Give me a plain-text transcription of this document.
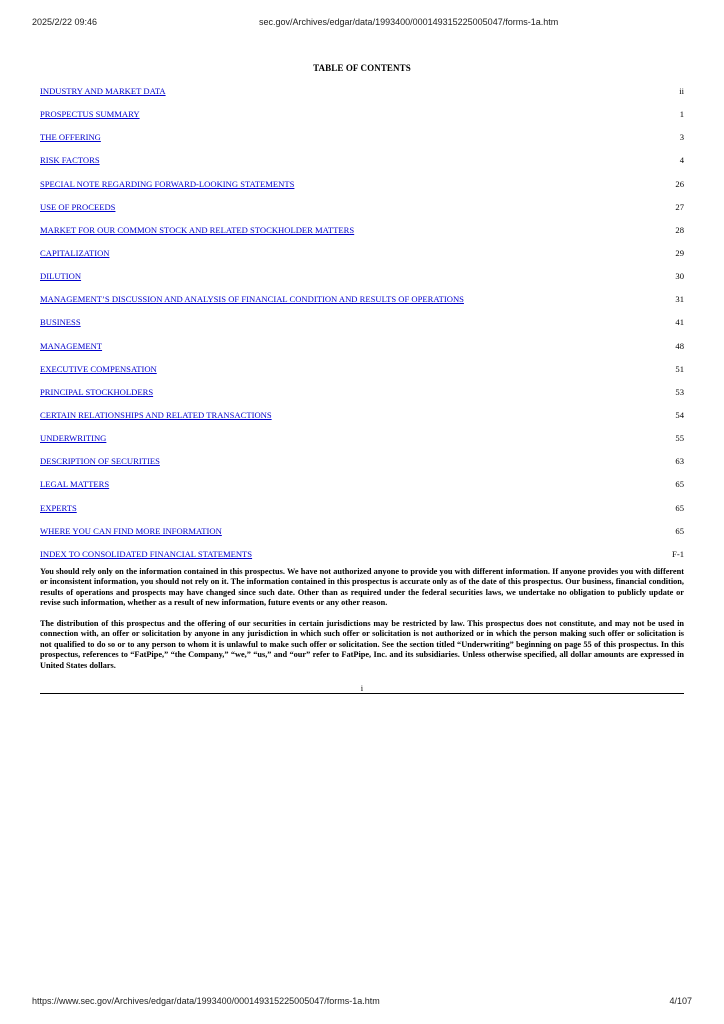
2025/2/22 09:46	sec.gov/Archives/edgar/data/1993400/000149315225005047/forms-1a.htm
TABLE OF CONTENTS
INDUSTRY AND MARKET DATA	ii
PROSPECTUS SUMMARY	1
THE OFFERING	3
RISK FACTORS	4
SPECIAL NOTE REGARDING FORWARD-LOOKING STATEMENTS	26
USE OF PROCEEDS	27
MARKET FOR OUR COMMON STOCK AND RELATED STOCKHOLDER MATTERS	28
CAPITALIZATION	29
DILUTION	30
MANAGEMENT’S DISCUSSION AND ANALYSIS OF FINANCIAL CONDITION AND RESULTS OF OPERATIONS	31
BUSINESS	41
MANAGEMENT	48
EXECUTIVE COMPENSATION	51
PRINCIPAL STOCKHOLDERS	53
CERTAIN RELATIONSHIPS AND RELATED TRANSACTIONS	54
UNDERWRITING	55
DESCRIPTION OF SECURITIES	63
LEGAL MATTERS	65
EXPERTS	65
WHERE YOU CAN FIND MORE INFORMATION	65
INDEX TO CONSOLIDATED FINANCIAL STATEMENTS	F-1

You should rely only on the information contained in this prospectus. We have not authorized anyone to provide you with different information. If anyone provides you with different or inconsistent information, you should not rely on it. The information contained in this prospectus is accurate only as of the date of this prospectus. Our business, financial condition, results of operations and prospects may have changed since such date. Other than as required under the federal securities laws, we undertake no obligation to publicly update or revise such information, whether as a result of new information, future events or any other reason.

The distribution of this prospectus and the offering of our securities in certain jurisdictions may be restricted by law. This prospectus does not constitute, and may not be used in connection with, an offer or solicitation by anyone in any jurisdiction in which such offer or solicitation is not authorized or in which the person making such offer or solicitation is not qualified to do so or to any person to whom it is unlawful to make such offer or solicitation. See the section titled “Underwriting” beginning on page 55 of this prospectus. In this prospectus, references to “FatPipe,” “the Company,” “we,” “us,” and “our” refer to FatPipe, Inc. and its subsidiaries. Unless otherwise specified, all dollar amounts are expressed in United States dollars.

i
https://www.sec.gov/Archives/edgar/data/1993400/000149315225005047/forms-1a.htm	4/107
